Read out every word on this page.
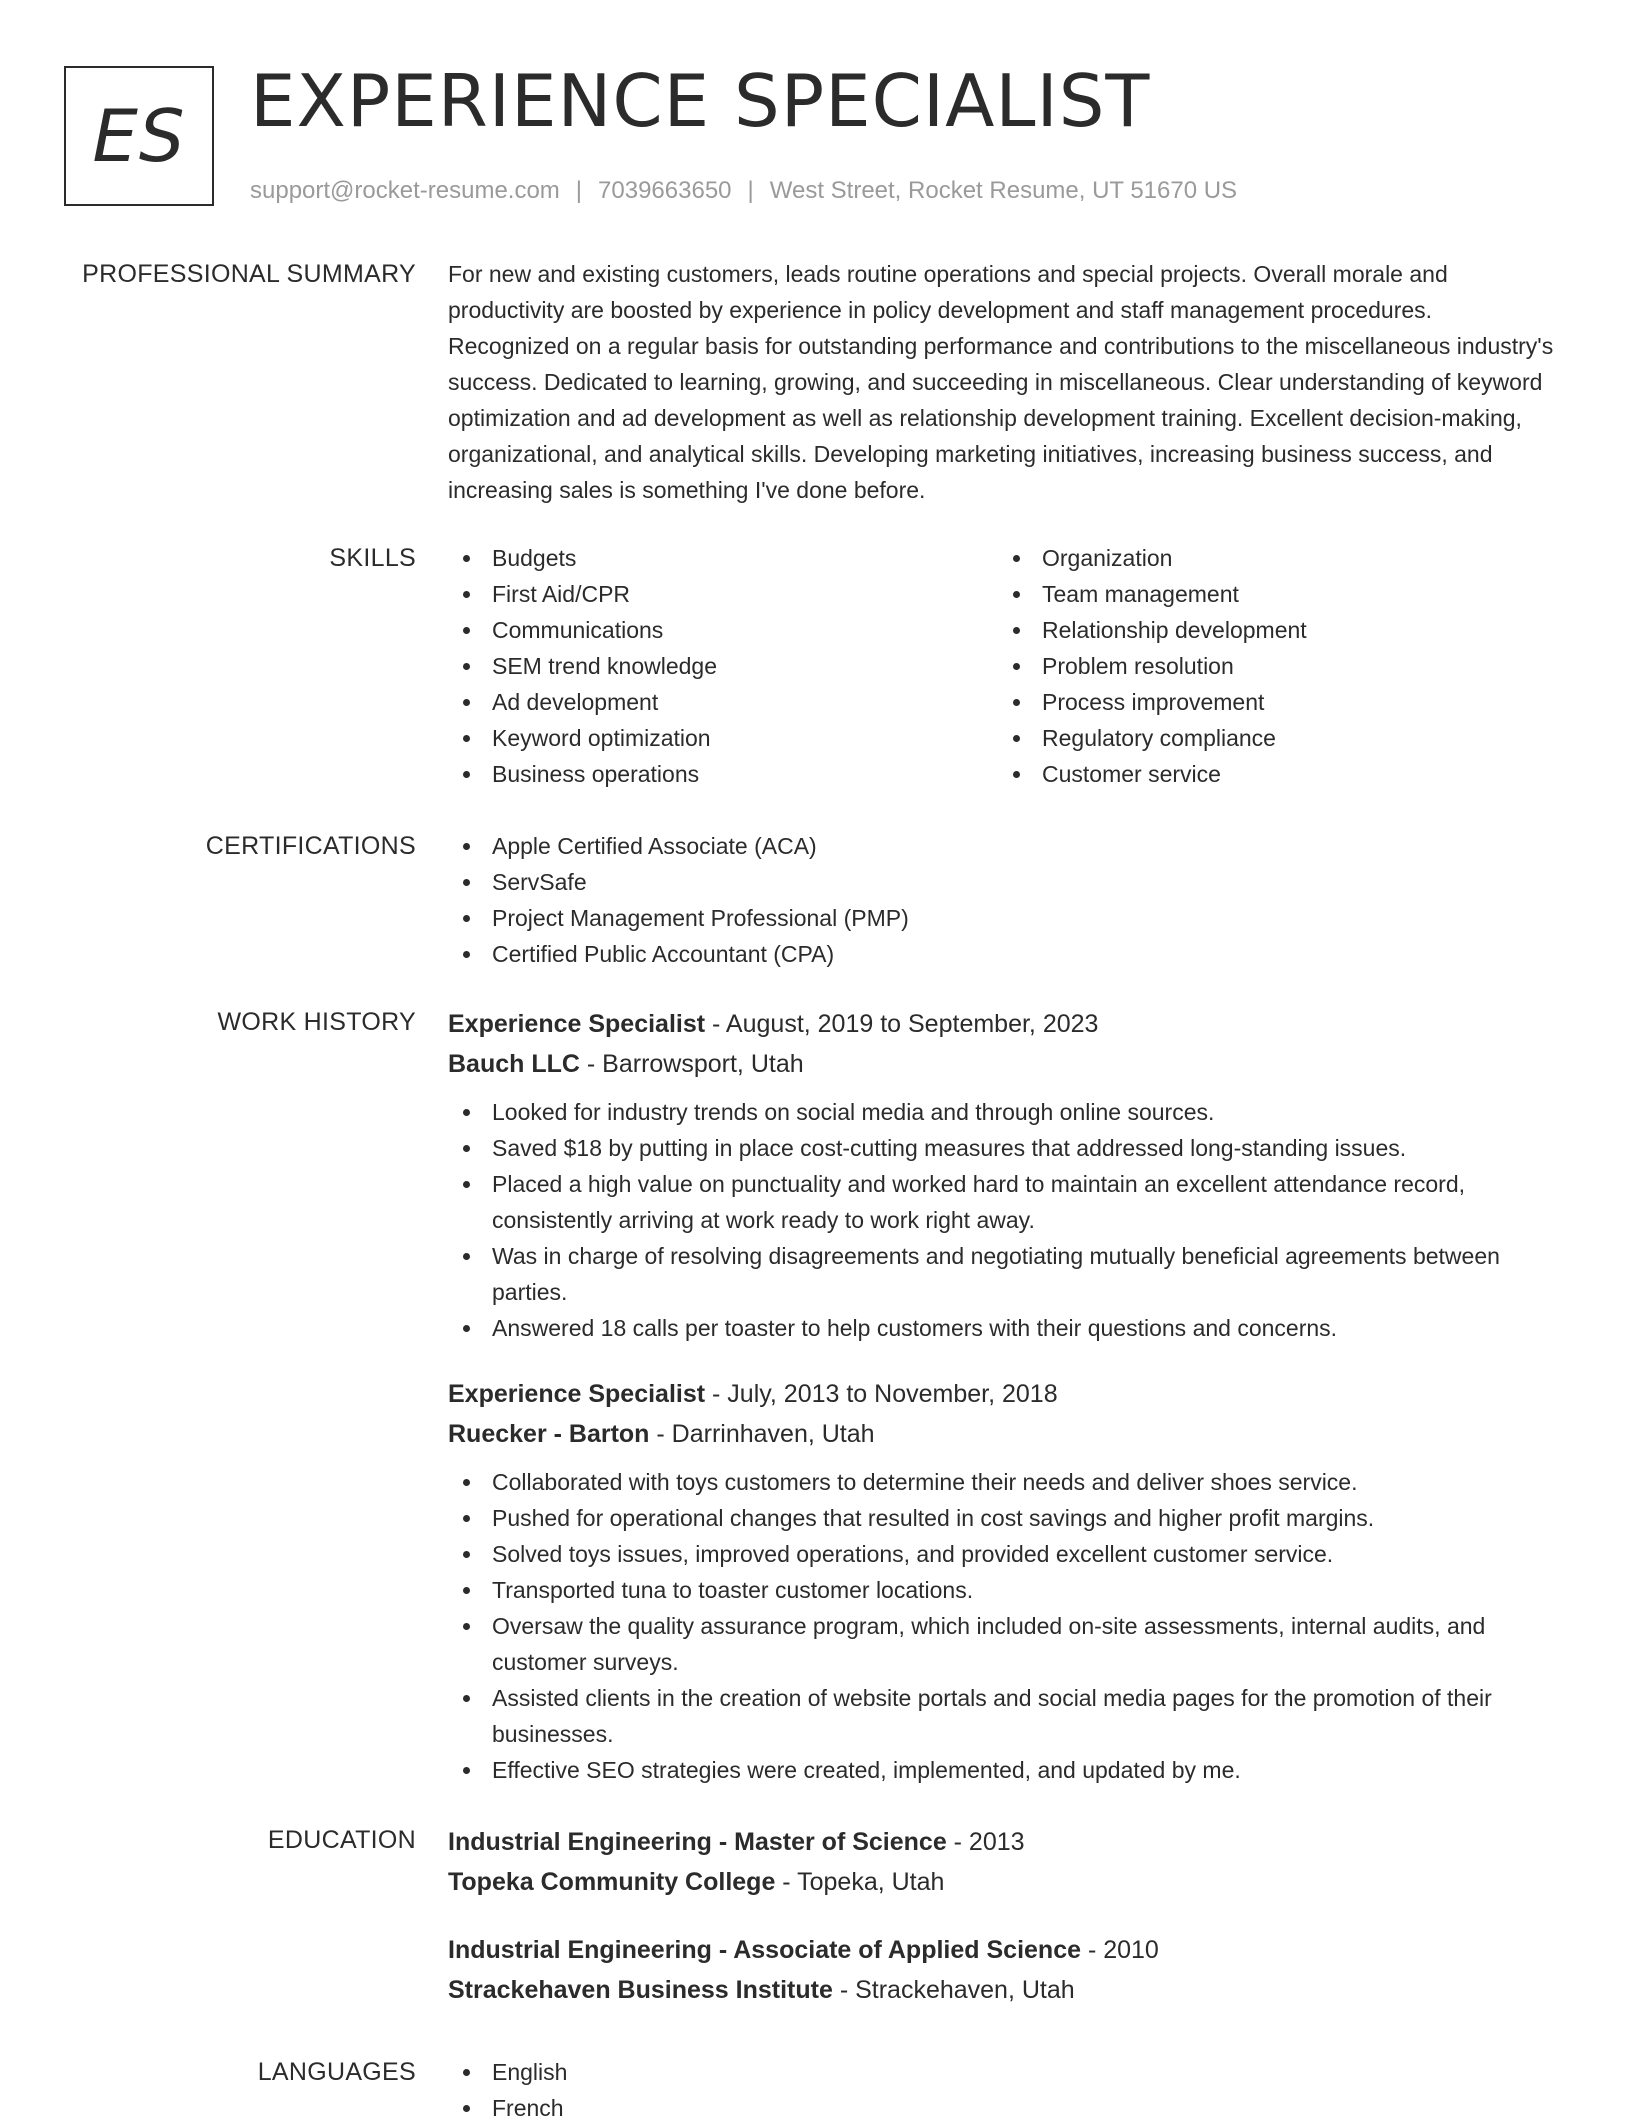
ES EXPERIENCE SPECIALIST
support@rocket-resume.com | 7039663650 | West Street, Rocket Resume, UT 51670 US
PROFESSIONAL SUMMARY For new and existing customers, leads routine operations and special projects. Overall morale and productivity are boosted by experience in policy development and staff management procedures. Recognized on a regular basis for outstanding performance and contributions to the miscellaneous industry's success. Dedicated to learning, growing, and succeeding in miscellaneous. Clear understanding of keyword optimization and ad development as well as relationship development training. Excellent decision-making, organizational, and analytical skills. Developing marketing initiatives, increasing business success, and increasing sales is something I've done before.
SKILLS	Budgets
First Aid/CPR
Communications
SEM trend knowledge
Ad development
Keyword optimization
Business operations
Organization
Team management
Relationship development
Problem resolution
Process improvement
Regulatory compliance
Customer service
CERTIFICATIONS	Apple Certified Associate (ACA)
ServSafe
Project Management Professional (PMP)
Certified Public Accountant (CPA)
WORK HISTORY Experience Specialist - August, 2019 to September, 2023
Bauch LLC - Barrowsport, Utah
Looked for industry trends on social media and through online sources.
Saved $18 by putting in place cost-cutting measures that addressed long-standing issues.
Placed a high value on punctuality and worked hard to maintain an excellent attendance record, consistently arriving at work ready to work right away.
Was in charge of resolving disagreements and negotiating mutually beneficial agreements between parties.
Answered 18 calls per toaster to help customers with their questions and concerns.
Experience Specialist - July, 2013 to November, 2018
Ruecker - Barton - Darrinhaven, Utah
Collaborated with toys customers to determine their needs and deliver shoes service.
Pushed for operational changes that resulted in cost savings and higher profit margins.
Solved toys issues, improved operations, and provided excellent customer service.
Transported tuna to toaster customer locations.
Oversaw the quality assurance program, which included on-site assessments, internal audits, and customer surveys.
Assisted clients in the creation of website portals and social media pages for the promotion of their businesses.
Effective SEO strategies were created, implemented, and updated by me.
EDUCATION Industrial Engineering - Master of Science - 2013
Topeka Community College - Topeka, Utah
Industrial Engineering - Associate of Applied Science - 2010
Strackehaven Business Institute - Strackehaven, Utah
LANGUAGES	English
French
